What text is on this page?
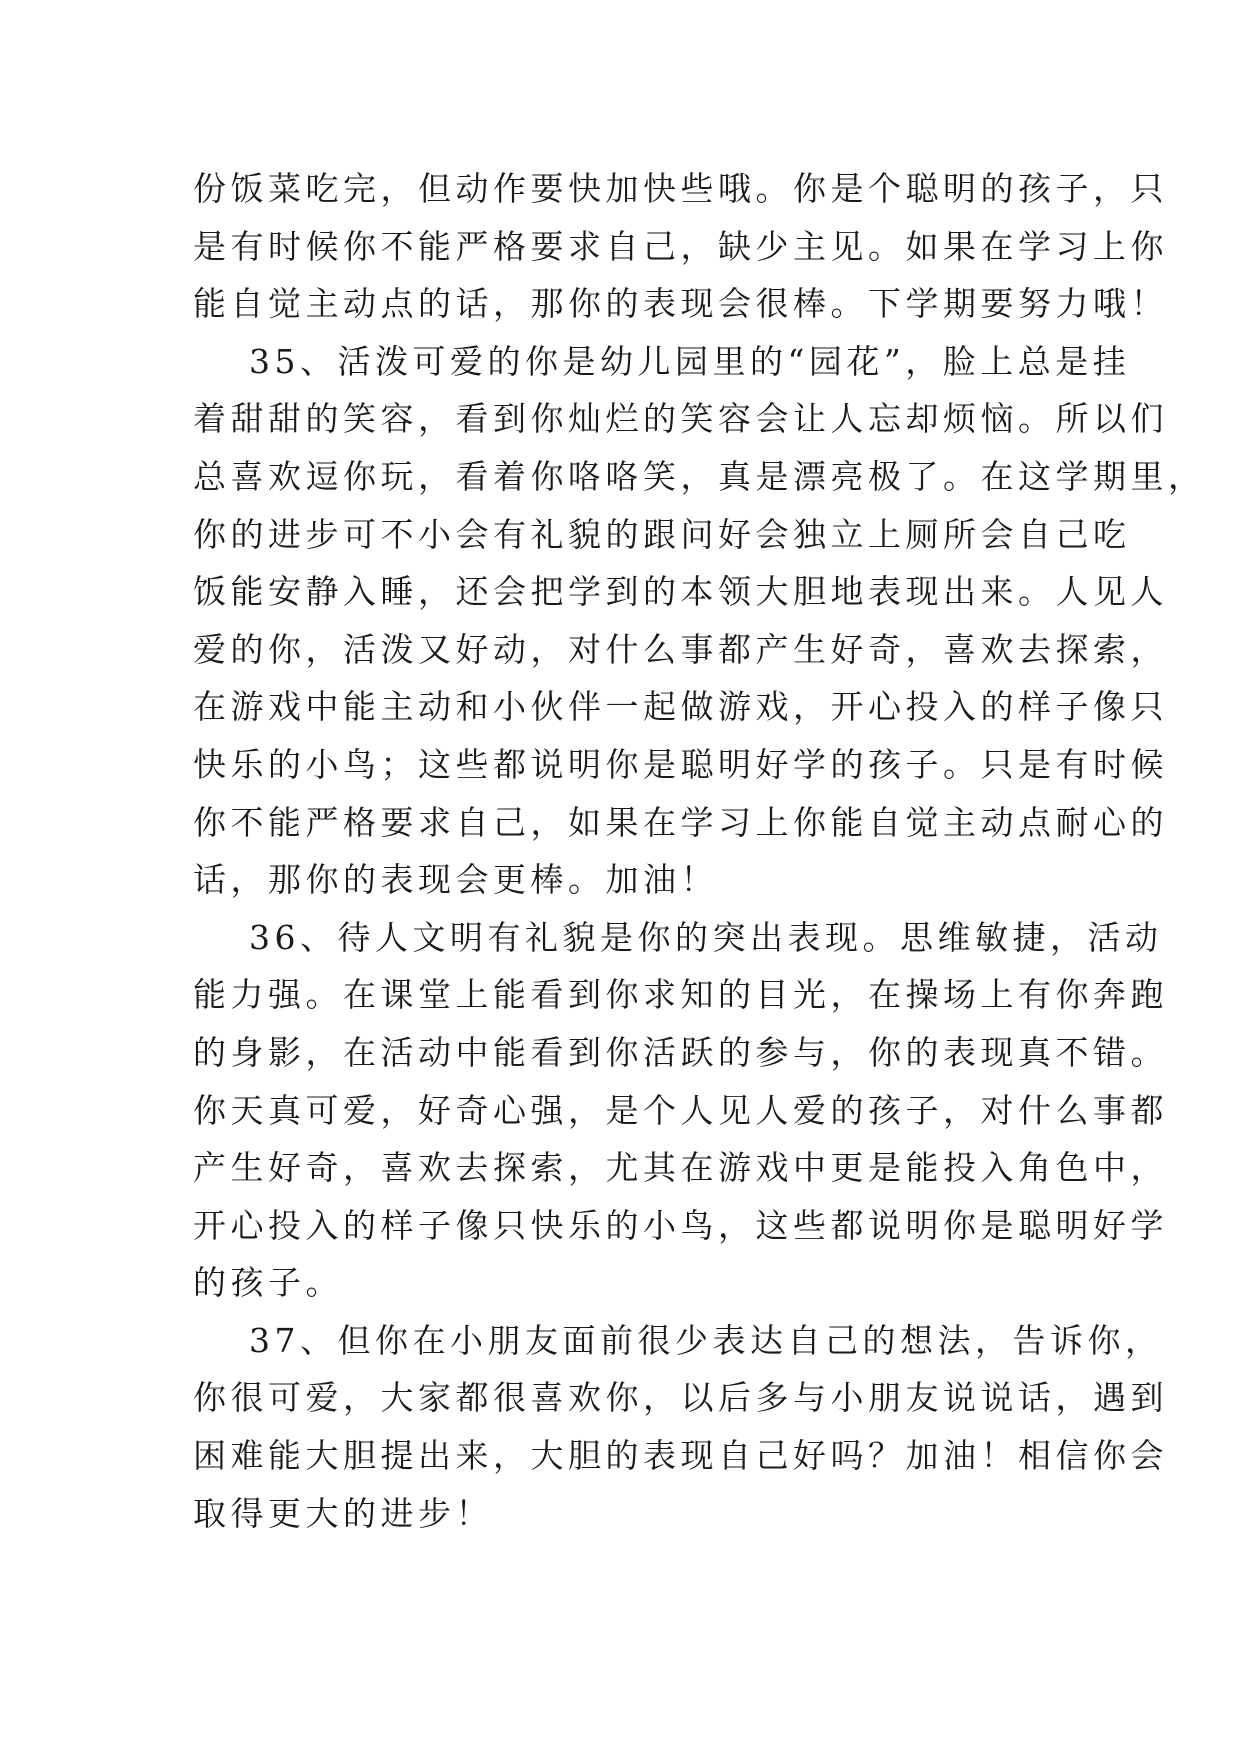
份饭菜吃完，但动作要快加快些哦。你是个聪明的孩子，只
是有时候你不能严格要求自己，缺少主见。如果在学习上你
能自觉主动点的话，那你的表现会很棒。下学期要努力哦！
35、活泼可爱的你是幼儿园里的“园花”，脸上总是挂
着甜甜的笑容，看到你灿烂的笑容会让人忘却烦恼。所以们
总喜欢逗你玩，看着你咯咯笑，真是漂亮极了。在这学期里，
你的进步可不小会有礼貌的跟问好会独立上厕所会自己吃
饭能安静入睡，还会把学到的本领大胆地表现出来。人见人
爱的你，活泼又好动，对什么事都产生好奇，喜欢去探索，
在游戏中能主动和小伙伴一起做游戏，开心投入的样子像只
快乐的小鸟；这些都说明你是聪明好学的孩子。只是有时候
你不能严格要求自己，如果在学习上你能自觉主动点耐心的
话，那你的表现会更棒。加油！
36、待人文明有礼貌是你的突出表现。思维敏捷，活动
能力强。在课堂上能看到你求知的目光，在操场上有你奔跑
的身影，在活动中能看到你活跃的参与，你的表现真不错。
你天真可爱，好奇心强，是个人见人爱的孩子，对什么事都
产生好奇，喜欢去探索，尤其在游戏中更是能投入角色中，
开心投入的样子像只快乐的小鸟，这些都说明你是聪明好学
的孩子。
37、但你在小朋友面前很少表达自己的想法，告诉你，
你很可爱，大家都很喜欢你，以后多与小朋友说说话，遇到
困难能大胆提出来，大胆的表现自己好吗？加油！相信你会
取得更大的进步！
